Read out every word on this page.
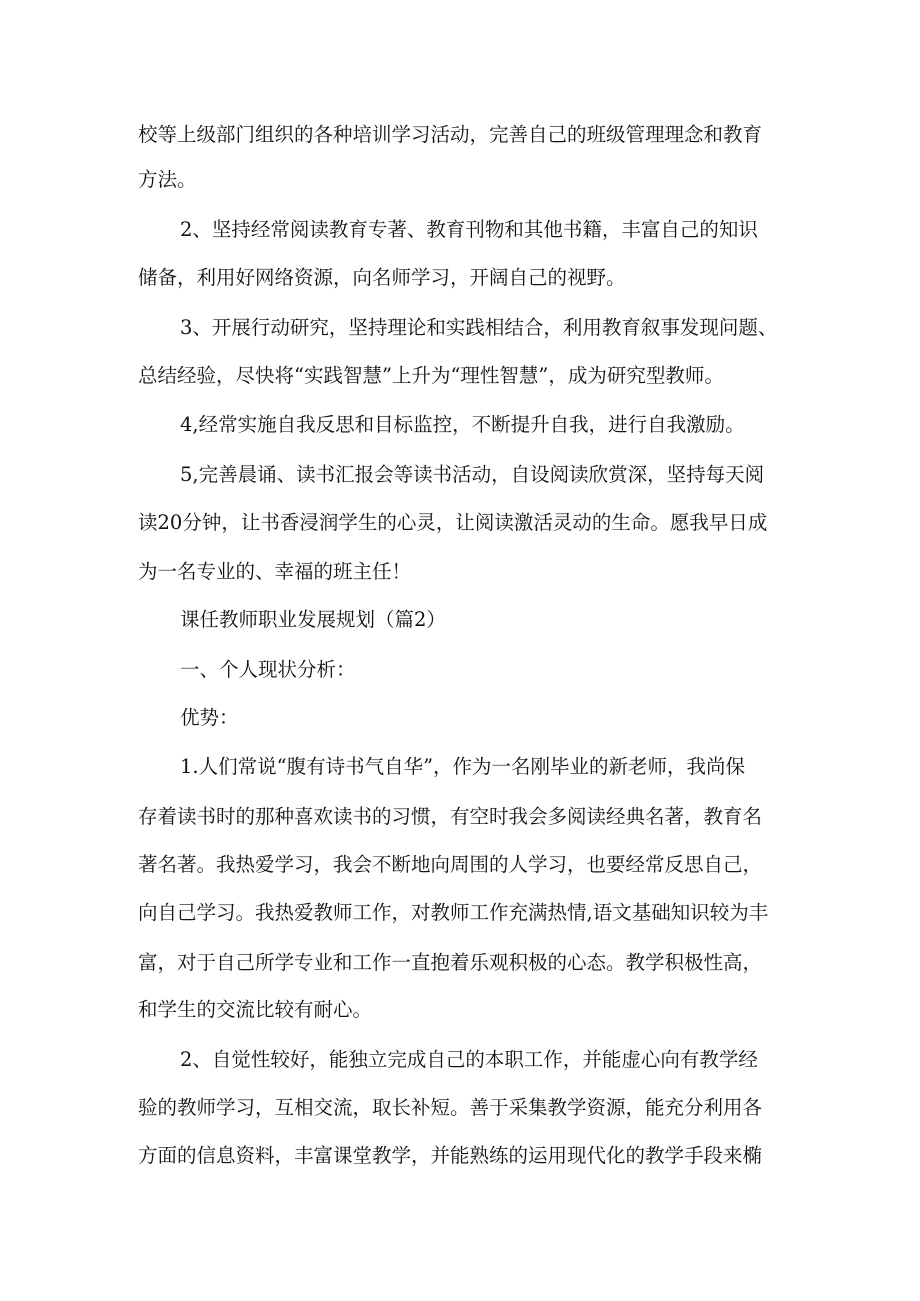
校等上级部门组织的各种培训学习活动，完善自己的班级管理理念和教育

方法。

2、坚持经常阅读教育专著、教育刊物和其他书籍，丰富自己的知识

储备，利用好网络资源，向名师学习，开阔自己的视野。

3、开展行动研究，坚持理论和实践相结合，利用教育叙事发现问题、

总结经验，尽快将“实践智慧”上升为“理性智慧”，成为研究型教师。

4,经常实施自我反思和目标监控，不断提升自我，进行自我激励。

5,完善晨诵、读书汇报会等读书活动，自设阅读欣赏深，坚持每天阅

读20分钟，让书香浸润学生的心灵，让阅读激活灵动的生命。愿我早日成

为一名专业的、幸福的班主任！

课任教师职业发展规划（篇2）

一、个人现状分析：

优势：

1.人们常说“腹有诗书气自华”，作为一名刚毕业的新老师，我尚保

存着读书时的那种喜欢读书的习惯，有空时我会多阅读经典名著，教育名

著名著。我热爱学习，我会不断地向周围的人学习，也要经常反思自己，

向自己学习。我热爱教师工作，对教师工作充满热情,语文基础知识较为丰

富，对于自己所学专业和工作一直抱着乐观积极的心态。教学积极性高，

和学生的交流比较有耐心。

2、自觉性较好，能独立完成自己的本职工作，并能虚心向有教学经

验的教师学习，互相交流，取长补短。善于采集教学资源，能充分利用各

方面的信息资料，丰富课堂教学，并能熟练的运用现代化的教学手段来椭
